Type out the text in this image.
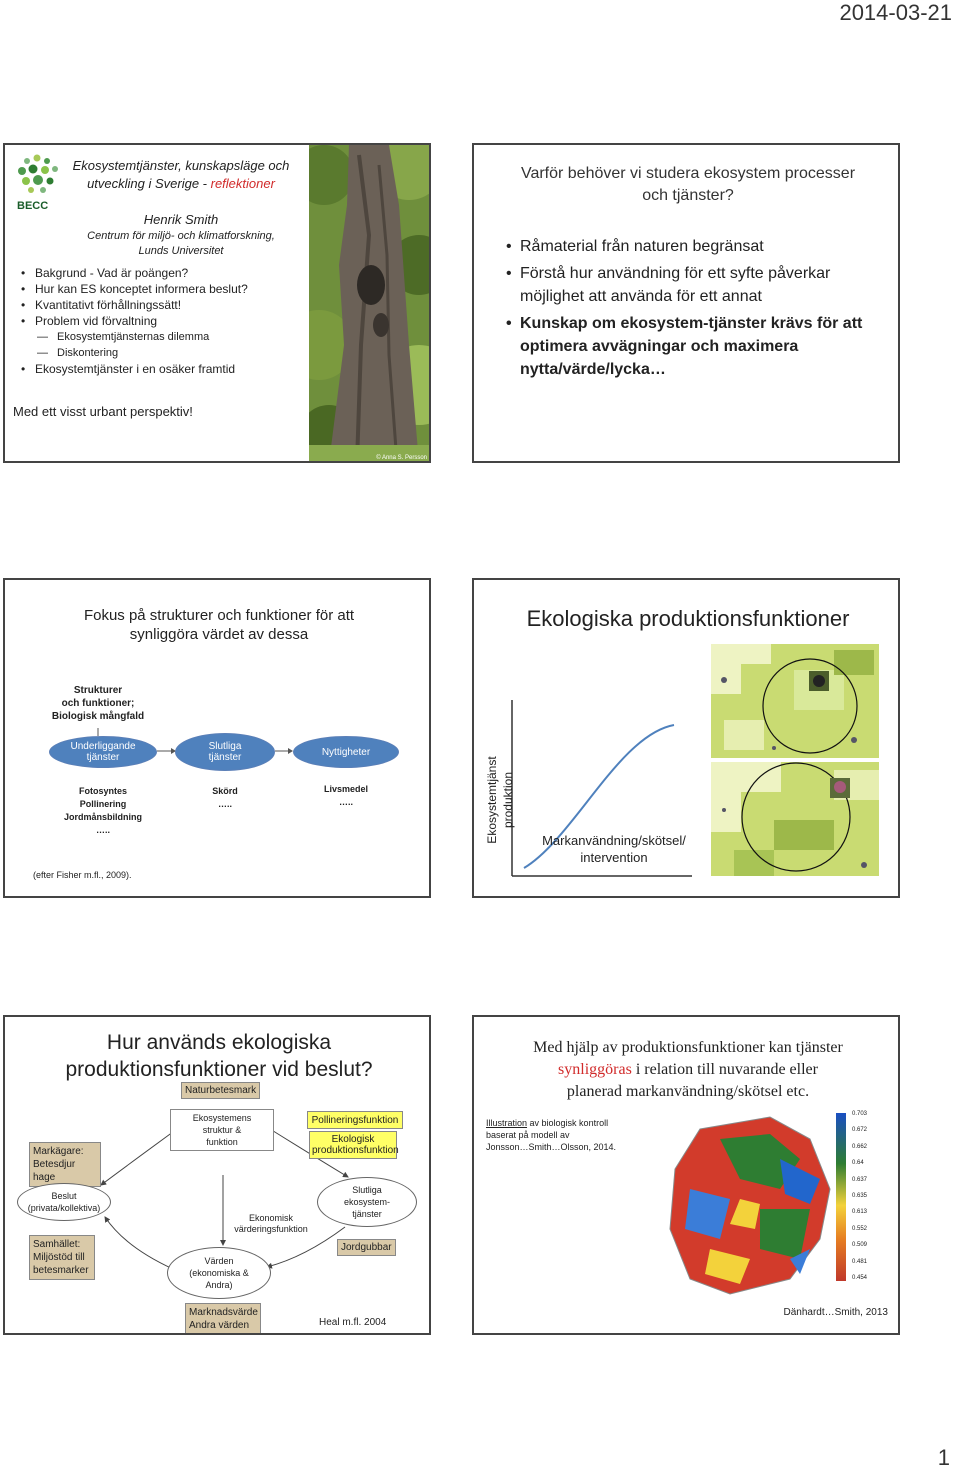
2014-03-21
BECC
Ekosystemtjänster, kunskapsläge och
utveckling i Sverige - reflektioner
Henrik Smith
Centrum för miljö- och klimatforskning,
Lunds Universitet
• Bakgrund - Vad är poängen?
• Hur kan ES konceptet informera beslut?
• Kvantitativt förhållningssätt!
• Problem vid förvaltning
— Ekosystemtjänsternas dilemma
— Diskontering
• Ekosystemtjänster i en osäker framtid
Med ett visst urbant perspektiv!
© Anna S. Persson
Varför behöver vi studera ekosystem processer
och tjänster?
• Råmaterial från naturen begränsat
• Förstå hur användning för ett syfte påverkar
möjlighet att använda för ett annat
• Kunskap om ekosystem-tjänster krävs för att
optimera avvägningar och maximera
nytta/värde/lycka…
Fokus på strukturer och funktioner för att
synliggöra värdet av dessa
Strukturer
och funktioner;
Biologisk mångfald
Underliggande
tjänster
Slutliga
tjänster	Nyttigheter
Fotosyntes
Pollinering
Jordmånsbildning
…..
Skörd
…..
Livsmedel
…..
(efter Fisher m.fl., 2009).
Ekologiska produktionsfunktioner
Ekosystemtjänst produktion
Markanvändning/skötsel/
intervention
Hur används ekologiska
produktionsfunktioner vid beslut?
Naturbetesmark
Markägare:
Betesdjur hage
Ekosystemens
struktur &
funktion
Pollineringsfunktion
Ekologisk
produktionsfunktion
Beslut
(privata/kollektiva)
Ekonomisk
värderingsfunktion
Slutliga
ekosystem-
tjänster
Samhället:
Miljöstöd till
betesmarker
Jordgubbar
Värden
(ekonomiska &
Andra)
Marknadsvärde
Andra värden	Heal m.fl. 2004
Med hjälp av produktionsfunktioner kan tjänster
synliggöras i relation till nuvarande eller
planerad markanvändning/skötsel etc.
Illustration av biologisk kontroll
baserat på modell av
Jonsson…Smith…Olsson, 2014.
0.703
0.672
0.662
0.64
0.637
0.635
0.613
0.552
0.509
0.481
0.454
Dänhardt…Smith, 2013
1
